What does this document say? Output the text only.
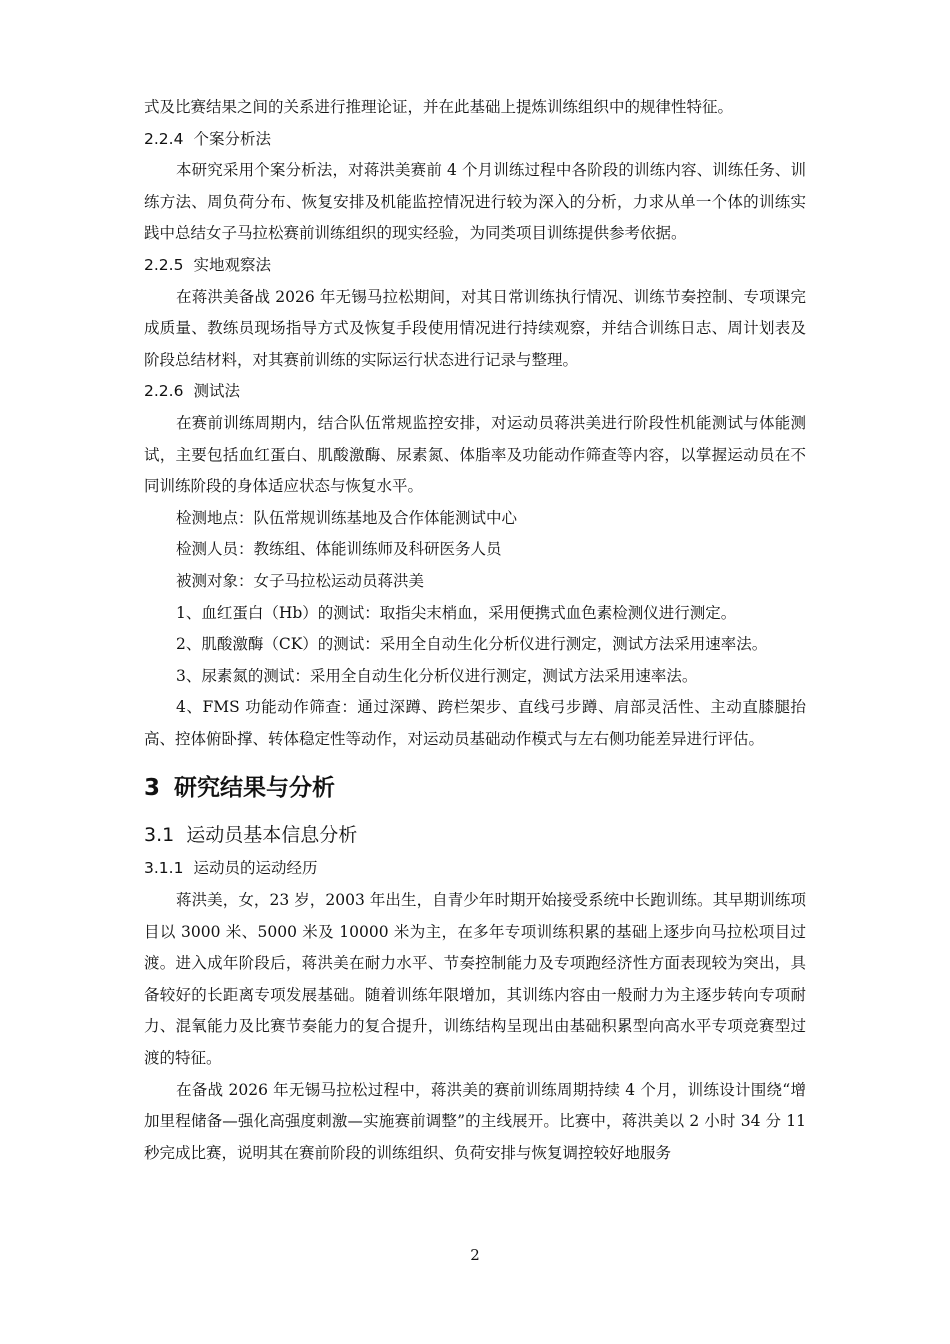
式及比赛结果之间的关系进行推理论证，并在此基础上提炼训练组织中的规律性特征。

2.2.4 个案分析法

本研究采用个案分析法，对蒋洪美赛前 4 个月训练过程中各阶段的训练内容、训练任务、训练方法、周负荷分布、恢复安排及机能监控情况进行较为深入的分析，力求从单一个体的训练实践中总结女子马拉松赛前训练组织的现实经验，为同类项目训练提供参考依据。

2.2.5 实地观察法

在蒋洪美备战 2026 年无锡马拉松期间，对其日常训练执行情况、训练节奏控制、专项课完成质量、教练员现场指导方式及恢复手段使用情况进行持续观察，并结合训练日志、周计划表及阶段总结材料，对其赛前训练的实际运行状态进行记录与整理。

2.2.6 测试法

在赛前训练周期内，结合队伍常规监控安排，对运动员蒋洪美进行阶段性机能测试与体能测试，主要包括血红蛋白、肌酸激酶、尿素氮、体脂率及功能动作筛查等内容，以掌握运动员在不同训练阶段的身体适应状态与恢复水平。

检测地点：队伍常规训练基地及合作体能测试中心

检测人员：教练组、体能训练师及科研医务人员

被测对象：女子马拉松运动员蒋洪美

1、血红蛋白（Hb）的测试：取指尖末梢血，采用便携式血色素检测仪进行测定。

2、肌酸激酶（CK）的测试：采用全自动生化分析仪进行测定，测试方法采用速率法。

3、尿素氮的测试：采用全自动生化分析仪进行测定，测试方法采用速率法。

4、FMS 功能动作筛查：通过深蹲、跨栏架步、直线弓步蹲、肩部灵活性、主动直膝腿抬高、控体俯卧撑、转体稳定性等动作，对运动员基础动作模式与左右侧功能差异进行评估。

3 研究结果与分析
3.1 运动员基本信息分析
3.1.1 运动员的运动经历

蒋洪美，女，23 岁，2003 年出生，自青少年时期开始接受系统中长跑训练。其早期训练项目以 3000 米、5000 米及 10000 米为主，在多年专项训练积累的基础上逐步向马拉松项目过渡。进入成年阶段后，蒋洪美在耐力水平、节奏控制能力及专项跑经济性方面表现较为突出，具备较好的长距离专项发展基础。随着训练年限增加，其训练内容由一般耐力为主逐步转向专项耐力、混氧能力及比赛节奏能力的复合提升，训练结构呈现出由基础积累型向高水平专项竞赛型过渡的特征。

在备战 2026 年无锡马拉松过程中，蒋洪美的赛前训练周期持续 4 个月，训练设计围绕“增加里程储备—强化高强度刺激—实施赛前调整”的主线展开。比赛中，蒋洪美以 2 小时 34 分 11 秒完成比赛，说明其在赛前阶段的训练组织、负荷安排与恢复调控较好地服务

2
